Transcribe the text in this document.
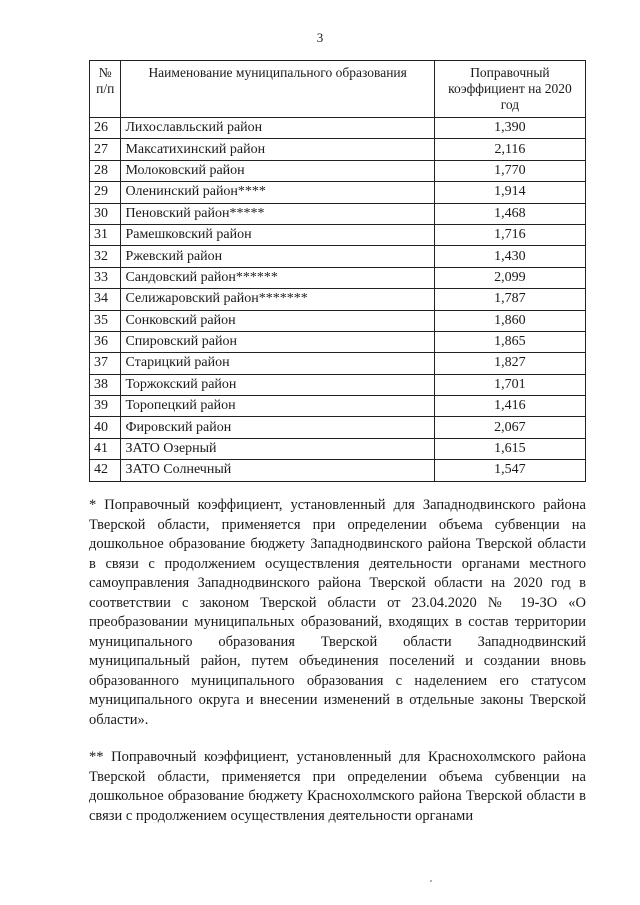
3
№ п/п	Наименование муниципального образования	Поправочный коэффициент на 2020 год
26	Лихославльский район	1,390
27	Максатихинский район	2,116
28	Молоковский район	1,770
29	Оленинский район****	1,914
30	Пеновский район*****	1,468
31	Рамешковский район	1,716
32	Ржевский район	1,430
33	Сандовский район******	2,099
34	Селижаровский район*******	1,787
35	Сонковский район	1,860
36	Спировский район	1,865
37	Старицкий район	1,827
38	Торжокский район	1,701
39	Торопецкий район	1,416
40	Фировский район	2,067
41	ЗАТО Озерный	1,615
42	ЗАТО Солнечный	1,547

* Поправочный коэффициент, установленный для Западнодвинского района Тверской области, применяется при определении объема субвенции на дошкольное образование бюджету Западнодвинского района Тверской области в связи с продолжением осуществления деятельности органами местного самоуправления Западнодвинского района Тверской области на 2020 год в соответствии с законом Тверской области от 23.04.2020 № 19-ЗО «О преобразовании муниципальных образований, входящих в состав территории муниципального образования Тверской области Западнодвинский муниципальный район, путем объединения поселений и создании вновь образованного муниципального образования с наделением его статусом муниципального округа и внесении изменений в отдельные законы Тверской области».

** Поправочный коэффициент, установленный для Краснохолмского района Тверской области, применяется при определении объема субвенции на дошкольное образование бюджету Краснохолмского района Тверской области в связи с продолжением осуществления деятельности органами
